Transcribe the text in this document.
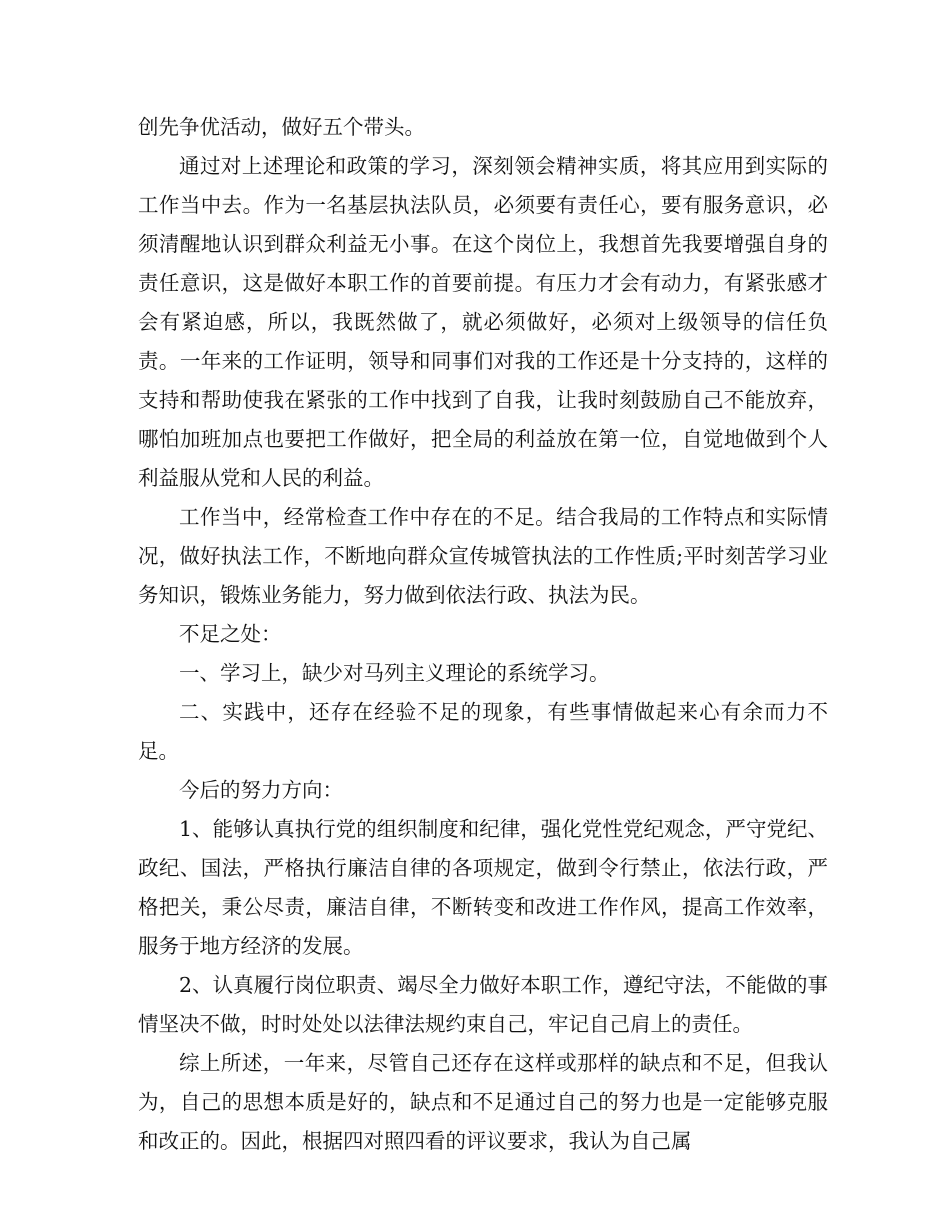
创先争优活动，做好五个带头。

通过对上述理论和政策的学习，深刻领会精神实质，将其应用到实际的工作当中去。作为一名基层执法队员，必须要有责任心，要有服务意识，必须清醒地认识到群众利益无小事。在这个岗位上，我想首先我要增强自身的责任意识，这是做好本职工作的首要前提。有压力才会有动力，有紧张感才会有紧迫感，所以，我既然做了，就必须做好，必须对上级领导的信任负责。一年来的工作证明，领导和同事们对我的工作还是十分支持的，这样的支持和帮助使我在紧张的工作中找到了自我，让我时刻鼓励自己不能放弃，哪怕加班加点也要把工作做好，把全局的利益放在第一位，自觉地做到个人利益服从党和人民的利益。

工作当中，经常检查工作中存在的不足。结合我局的工作特点和实际情况，做好执法工作，不断地向群众宣传城管执法的工作性质;平时刻苦学习业务知识，锻炼业务能力，努力做到依法行政、执法为民。

不足之处：

一、学习上，缺少对马列主义理论的系统学习。

二、实践中，还存在经验不足的现象，有些事情做起来心有余而力不足。

今后的努力方向：

1、能够认真执行党的组织制度和纪律，强化党性党纪观念，严守党纪、政纪、国法，严格执行廉洁自律的各项规定，做到令行禁止，依法行政，严格把关，秉公尽责，廉洁自律，不断转变和改进工作作风，提高工作效率，服务于地方经济的发展。

2、认真履行岗位职责、竭尽全力做好本职工作，遵纪守法，不能做的事情坚决不做，时时处处以法律法规约束自己，牢记自己肩上的责任。

综上所述，一年来，尽管自己还存在这样或那样的缺点和不足，但我认为，自己的思想本质是好的，缺点和不足通过自己的努力也是一定能够克服和改正的。因此，根据四对照四看的评议要求，我认为自己属
